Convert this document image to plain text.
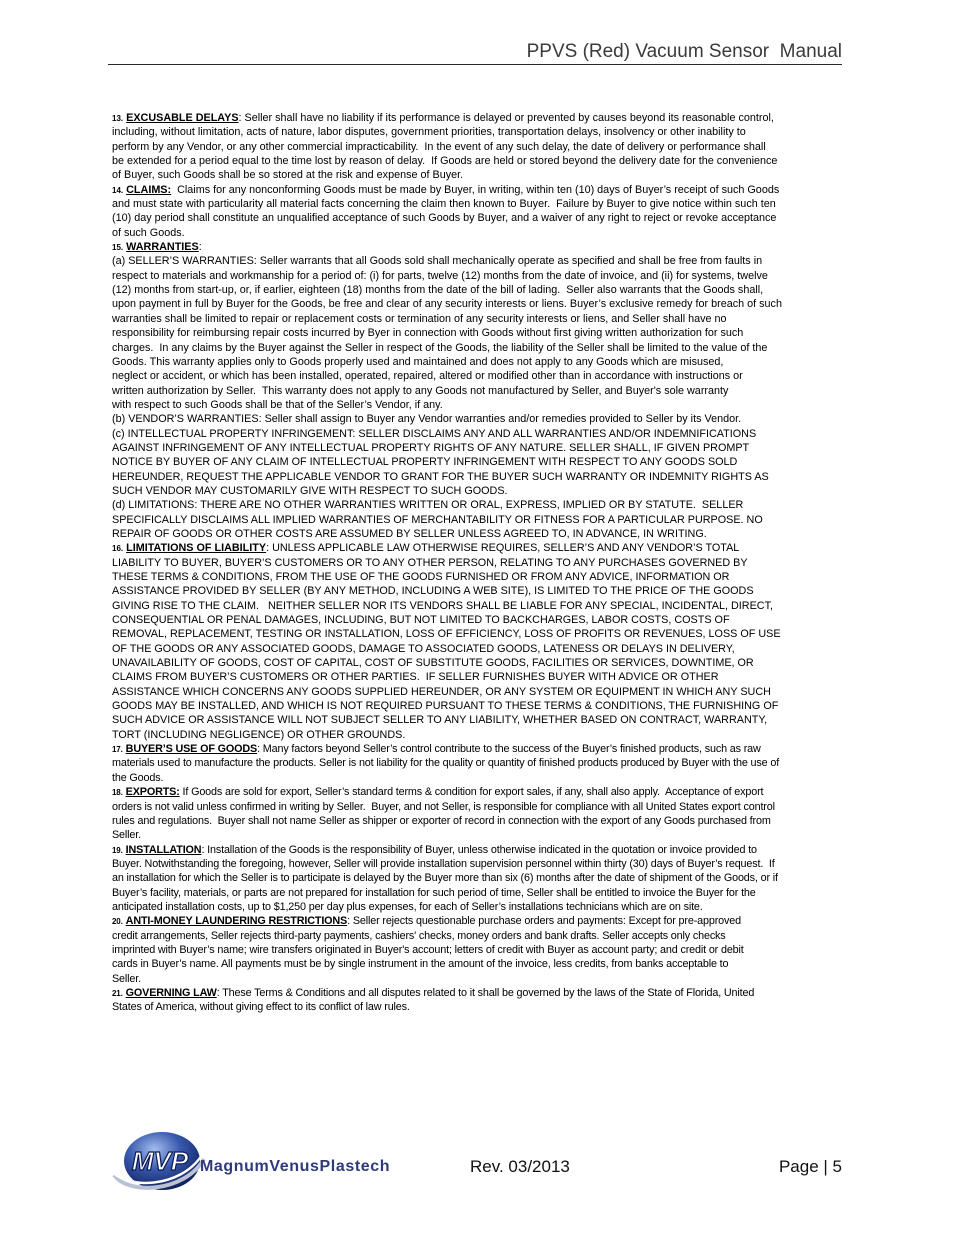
PPVS (Red) Vacuum Sensor  Manual
13. EXCUSABLE DELAYS: Seller shall have no liability if its performance is delayed or prevented by causes beyond its reasonable control,
including, without limitation, acts of nature, labor disputes, government priorities, transportation delays, insolvency or other inability to
perform by any Vendor, or any other commercial impracticability.  In the event of any such delay, the date of delivery or performance shall
be extended for a period equal to the time lost by reason of delay.  If Goods are held or stored beyond the delivery date for the convenience
of Buyer, such Goods shall be so stored at the risk and expense of Buyer.
14. CLAIMS:  Claims for any nonconforming Goods must be made by Buyer, in writing, within ten (10) days of Buyer’s receipt of such Goods
and must state with particularity all material facts concerning the claim then known to Buyer.  Failure by Buyer to give notice within such ten
(10) day period shall constitute an unqualified acceptance of such Goods by Buyer, and a waiver of any right to reject or revoke acceptance
of such Goods.
15. WARRANTIES:
(a) SELLER’S WARRANTIES: Seller warrants that all Goods sold shall mechanically operate as specified and shall be free from faults in
respect to materials and workmanship for a period of: (i) for parts, twelve (12) months from the date of invoice, and (ii) for systems, twelve
(12) months from start-up, or, if earlier, eighteen (18) months from the date of the bill of lading.  Seller also warrants that the Goods shall,
upon payment in full by Buyer for the Goods, be free and clear of any security interests or liens. Buyer’s exclusive remedy for breach of such
warranties shall be limited to repair or replacement costs or termination of any security interests or liens, and Seller shall have no
responsibility for reimbursing repair costs incurred by Byer in connection with Goods without first giving written authorization for such
charges.  In any claims by the Buyer against the Seller in respect of the Goods, the liability of the Seller shall be limited to the value of the
Goods. This warranty applies only to Goods properly used and maintained and does not apply to any Goods which are misused,
neglect or accident, or which has been installed, operated, repaired, altered or modified other than in accordance with instructions or
written authorization by Seller.  This warranty does not apply to any Goods not manufactured by Seller, and Buyer's sole warranty
with respect to such Goods shall be that of the Seller’s Vendor, if any.
(b) VENDOR’S WARRANTIES: Seller shall assign to Buyer any Vendor warranties and/or remedies provided to Seller by its Vendor.
(c) INTELLECTUAL PROPERTY INFRINGEMENT: SELLER DISCLAIMS ANY AND ALL WARRANTIES AND/OR INDEMNIFICATIONS
AGAINST INFRINGEMENT OF ANY INTELLECTUAL PROPERTY RIGHTS OF ANY NATURE. SELLER SHALL, IF GIVEN PROMPT
NOTICE BY BUYER OF ANY CLAIM OF INTELLECTUAL PROPERTY INFRINGEMENT WITH RESPECT TO ANY GOODS SOLD
HEREUNDER, REQUEST THE APPLICABLE VENDOR TO GRANT FOR THE BUYER SUCH WARRANTY OR INDEMNITY RIGHTS AS
SUCH VENDOR MAY CUSTOMARILY GIVE WITH RESPECT TO SUCH GOODS.
(d) LIMITATIONS: THERE ARE NO OTHER WARRANTIES WRITTEN OR ORAL, EXPRESS, IMPLIED OR BY STATUTE.  SELLER
SPECIFICALLY DISCLAIMS ALL IMPLIED WARRANTIES OF MERCHANTABILITY OR FITNESS FOR A PARTICULAR PURPOSE. NO
REPAIR OF GOODS OR OTHER COSTS ARE ASSUMED BY SELLER UNLESS AGREED TO, IN ADVANCE, IN WRITING.
16. LIMITATIONS OF LIABILITY: UNLESS APPLICABLE LAW OTHERWISE REQUIRES, SELLER’S AND ANY VENDOR’S TOTAL
LIABILITY TO BUYER, BUYER’S CUSTOMERS OR TO ANY OTHER PERSON, RELATING TO ANY PURCHASES GOVERNED BY
THESE TERMS & CONDITIONS, FROM THE USE OF THE GOODS FURNISHED OR FROM ANY ADVICE, INFORMATION OR
ASSISTANCE PROVIDED BY SELLER (BY ANY METHOD, INCLUDING A WEB SITE), IS LIMITED TO THE PRICE OF THE GOODS
GIVING RISE TO THE CLAIM.   NEITHER SELLER NOR ITS VENDORS SHALL BE LIABLE FOR ANY SPECIAL, INCIDENTAL, DIRECT,
CONSEQUENTIAL OR PENAL DAMAGES, INCLUDING, BUT NOT LIMITED TO BACKCHARGES, LABOR COSTS, COSTS OF
REMOVAL, REPLACEMENT, TESTING OR INSTALLATION, LOSS OF EFFICIENCY, LOSS OF PROFITS OR REVENUES, LOSS OF USE
OF THE GOODS OR ANY ASSOCIATED GOODS, DAMAGE TO ASSOCIATED GOODS, LATENESS OR DELAYS IN DELIVERY,
UNAVAILABILITY OF GOODS, COST OF CAPITAL, COST OF SUBSTITUTE GOODS, FACILITIES OR SERVICES, DOWNTIME, OR
CLAIMS FROM BUYER’S CUSTOMERS OR OTHER PARTIES.  IF SELLER FURNISHES BUYER WITH ADVICE OR OTHER
ASSISTANCE WHICH CONCERNS ANY GOODS SUPPLIED HEREUNDER, OR ANY SYSTEM OR EQUIPMENT IN WHICH ANY SUCH
GOODS MAY BE INSTALLED, AND WHICH IS NOT REQUIRED PURSUANT TO THESE TERMS & CONDITIONS, THE FURNISHING OF
SUCH ADVICE OR ASSISTANCE WILL NOT SUBJECT SELLER TO ANY LIABILITY, WHETHER BASED ON CONTRACT, WARRANTY,
TORT (INCLUDING NEGLIGENCE) OR OTHER GROUNDS.
17. BUYER’S USE OF GOODS: Many factors beyond Seller’s control contribute to the success of the Buyer’s finished products, such as raw
materials used to manufacture the products. Seller is not liability for the quality or quantity of finished products produced by Buyer with the use of
the Goods.
18. EXPORTS: If Goods are sold for export, Seller’s standard terms & condition for export sales, if any, shall also apply.  Acceptance of export
orders is not valid unless confirmed in writing by Seller.  Buyer, and not Seller, is responsible for compliance with all United States export control
rules and regulations.  Buyer shall not name Seller as shipper or exporter of record in connection with the export of any Goods purchased from
Seller.
19. INSTALLATION: Installation of the Goods is the responsibility of Buyer, unless otherwise indicated in the quotation or invoice provided to
Buyer. Notwithstanding the foregoing, however, Seller will provide installation supervision personnel within thirty (30) days of Buyer’s request.  If
an installation for which the Seller is to participate is delayed by the Buyer more than six (6) months after the date of shipment of the Goods, or if
Buyer’s facility, materials, or parts are not prepared for installation for such period of time, Seller shall be entitled to invoice the Buyer for the
anticipated installation costs, up to $1,250 per day plus expenses, for each of Seller’s installations technicians which are on site.
20. ANTI-MONEY LAUNDERING RESTRICTIONS: Seller rejects questionable purchase orders and payments: Except for pre-approved
credit arrangements, Seller rejects third-party payments, cashiers' checks, money orders and bank drafts. Seller accepts only checks
imprinted with Buyer’s name; wire transfers originated in Buyer's account; letters of credit with Buyer as account party; and credit or debit
cards in Buyer’s name. All payments must be by single instrument in the amount of the invoice, less credits, from banks acceptable to
Seller.
21. GOVERNING LAW: These Terms & Conditions and all disputes related to it shall be governed by the laws of the State of Florida, United
States of America, without giving effect to its conflict of law rules.
MVP MagnumVenusPlastech	Rev. 03/2013	Page | 5
